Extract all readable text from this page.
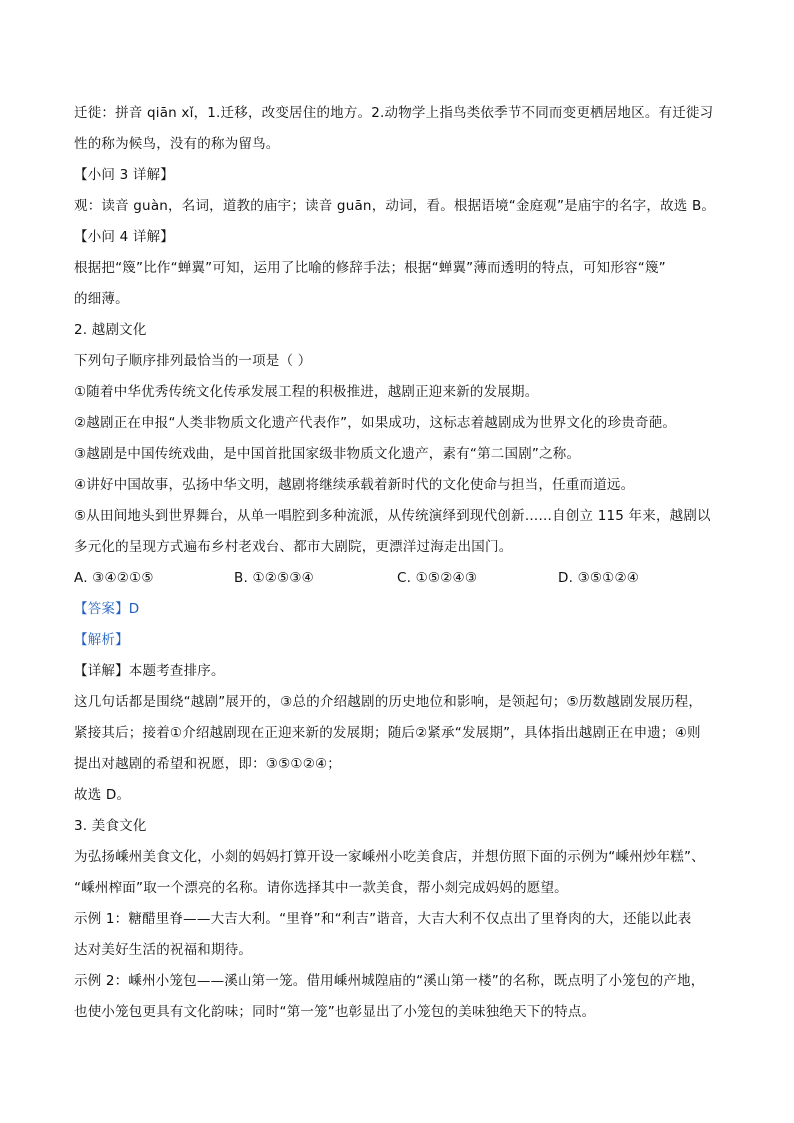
迁徙：拼音 qiān xǐ，1.迁移，改变居住的地方。2.动物学上指鸟类依季节不同而变更栖居地区。有迁徙习
性的称为候鸟，没有的称为留鸟。
【小问 3 详解】
观：读音 guàn，名词，道教的庙宇；读音 guān，动词，看。根据语境“金庭观”是庙宇的名字，故选 B。
【小问 4 详解】
根据把“篾”比作“蝉翼”可知，运用了比喻的修辞手法；根据“蝉翼”薄而透明的特点，可知形容“篾”
的细薄。
2. 越剧文化
下列句子顺序排列最恰当的一项是（ ）
①随着中华优秀传统文化传承发展工程的积极推进，越剧正迎来新的发展期。
②越剧正在申报“人类非物质文化遗产代表作”，如果成功，这标志着越剧成为世界文化的珍贵奇葩。
③越剧是中国传统戏曲，是中国首批国家级非物质文化遗产，素有“第二国剧”之称。
④讲好中国故事，弘扬中华文明，越剧将继续承载着新时代的文化使命与担当，任重而道远。
⑤从田间地头到世界舞台，从单一唱腔到多种流派，从传统演绎到现代创新……自创立 115 年来，越剧以
多元化的呈现方式遍布乡村老戏台、都市大剧院，更漂洋过海走出国门。
A. ③④②①⑤	B. ①②⑤③④	C. ①⑤②④③	D. ③⑤①②④
【答案】D
【解析】
【详解】本题考查排序。
这几句话都是围绕“越剧”展开的，③总的介绍越剧的历史地位和影响，是领起句；⑤历数越剧发展历程，
紧接其后；接着①介绍越剧现在正迎来新的发展期；随后②紧承“发展期”，具体指出越剧正在申遗；④则
提出对越剧的希望和祝愿，即：③⑤①②④；
故选 D。
3. 美食文化
为弘扬嵊州美食文化，小剡的妈妈打算开设一家嵊州小吃美食店，并想仿照下面的示例为“嵊州炒年糕”、
“嵊州榨面”取一个漂亮的名称。请你选择其中一款美食，帮小剡完成妈妈的愿望。
示例 1：糖醋里脊——大吉大利。“里脊”和“利吉”谐音，大吉大利不仅点出了里脊肉的大，还能以此表
达对美好生活的祝福和期待。
示例 2：嵊州小笼包——溪山第一笼。借用嵊州城隍庙的“溪山第一楼”的名称，既点明了小笼包的产地，
也使小笼包更具有文化韵味；同时“第一笼”也彰显出了小笼包的美味独绝天下的特点。
